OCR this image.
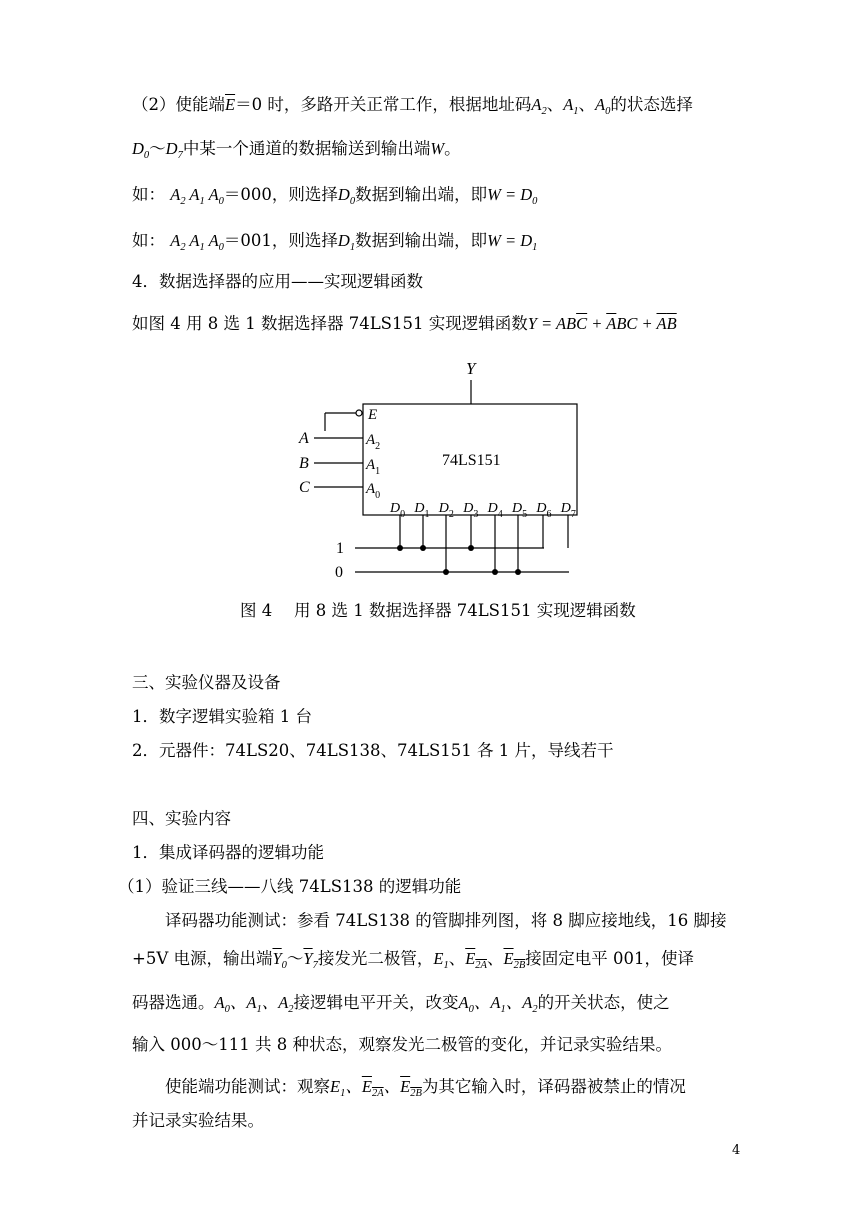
（2）使能端$\overline{E}=0$ 时，多路开关正常工作，根据地址码$A_2$、$A_1$、$A_0$的状态选择
$D_0\sim D_7$中某一个通道的数据输送到输出端W。
如： $A_2$ $A_1$ $A_0=000$，则选择$D_0$数据到输出端，即$W = D_0$
如： $A_2$ $A_1$ $A_0=001$，则选择$D_1$数据到输出端，即$W = D_1$
4．数据选择器的应用——实现逻辑函数
如图 4 用 8 选 1 数据选择器 74LS151 实现逻辑函数$Y = AB\overline{C} + \overline{A}BC + \overline{A}\overline{B}$
Y
74LS151
E
A	$A_2$
B	$A_1$
C	$A_0$
$D_0$ $D_1$ $D_2$ $D_3$ $D_4$ $D_5$ $D_6$ $D_7$
1
0
图 4　 用 8 选 1 数据选择器 74LS151 实现逻辑函数
三、实验仪器及设备
1．数字逻辑实验箱 1 台
2．元器件：74LS20、74LS138、74LS151 各 1 片，导线若干
四、实验内容
1．集成译码器的逻辑功能
（1）验证三线——八线 74LS138 的逻辑功能
译码器功能测试：参看 74LS138 的管脚排列图，将 8 脚应接地线，16 脚接
+5V 电源，输出端$\overline{Y}_0\sim\overline{Y}_7$接发光二极管，$E_1$、$E_{2A}$、$E_{2B}$接固定电平 001，使译
码器选通。$A_0$、$A_1$、$A_2$接逻辑电平开关，改变$A_0$、$A_1$、$A_2$的开关状态，使之
输入 000～111 共 8 种状态，观察发光二极管的变化，并记录实验结果。
使能端功能测试：观察$E_1$、$E_{2A}$、$E_{2B}$为其它输入时，译码器被禁止的情况
并记录实验结果。
4
